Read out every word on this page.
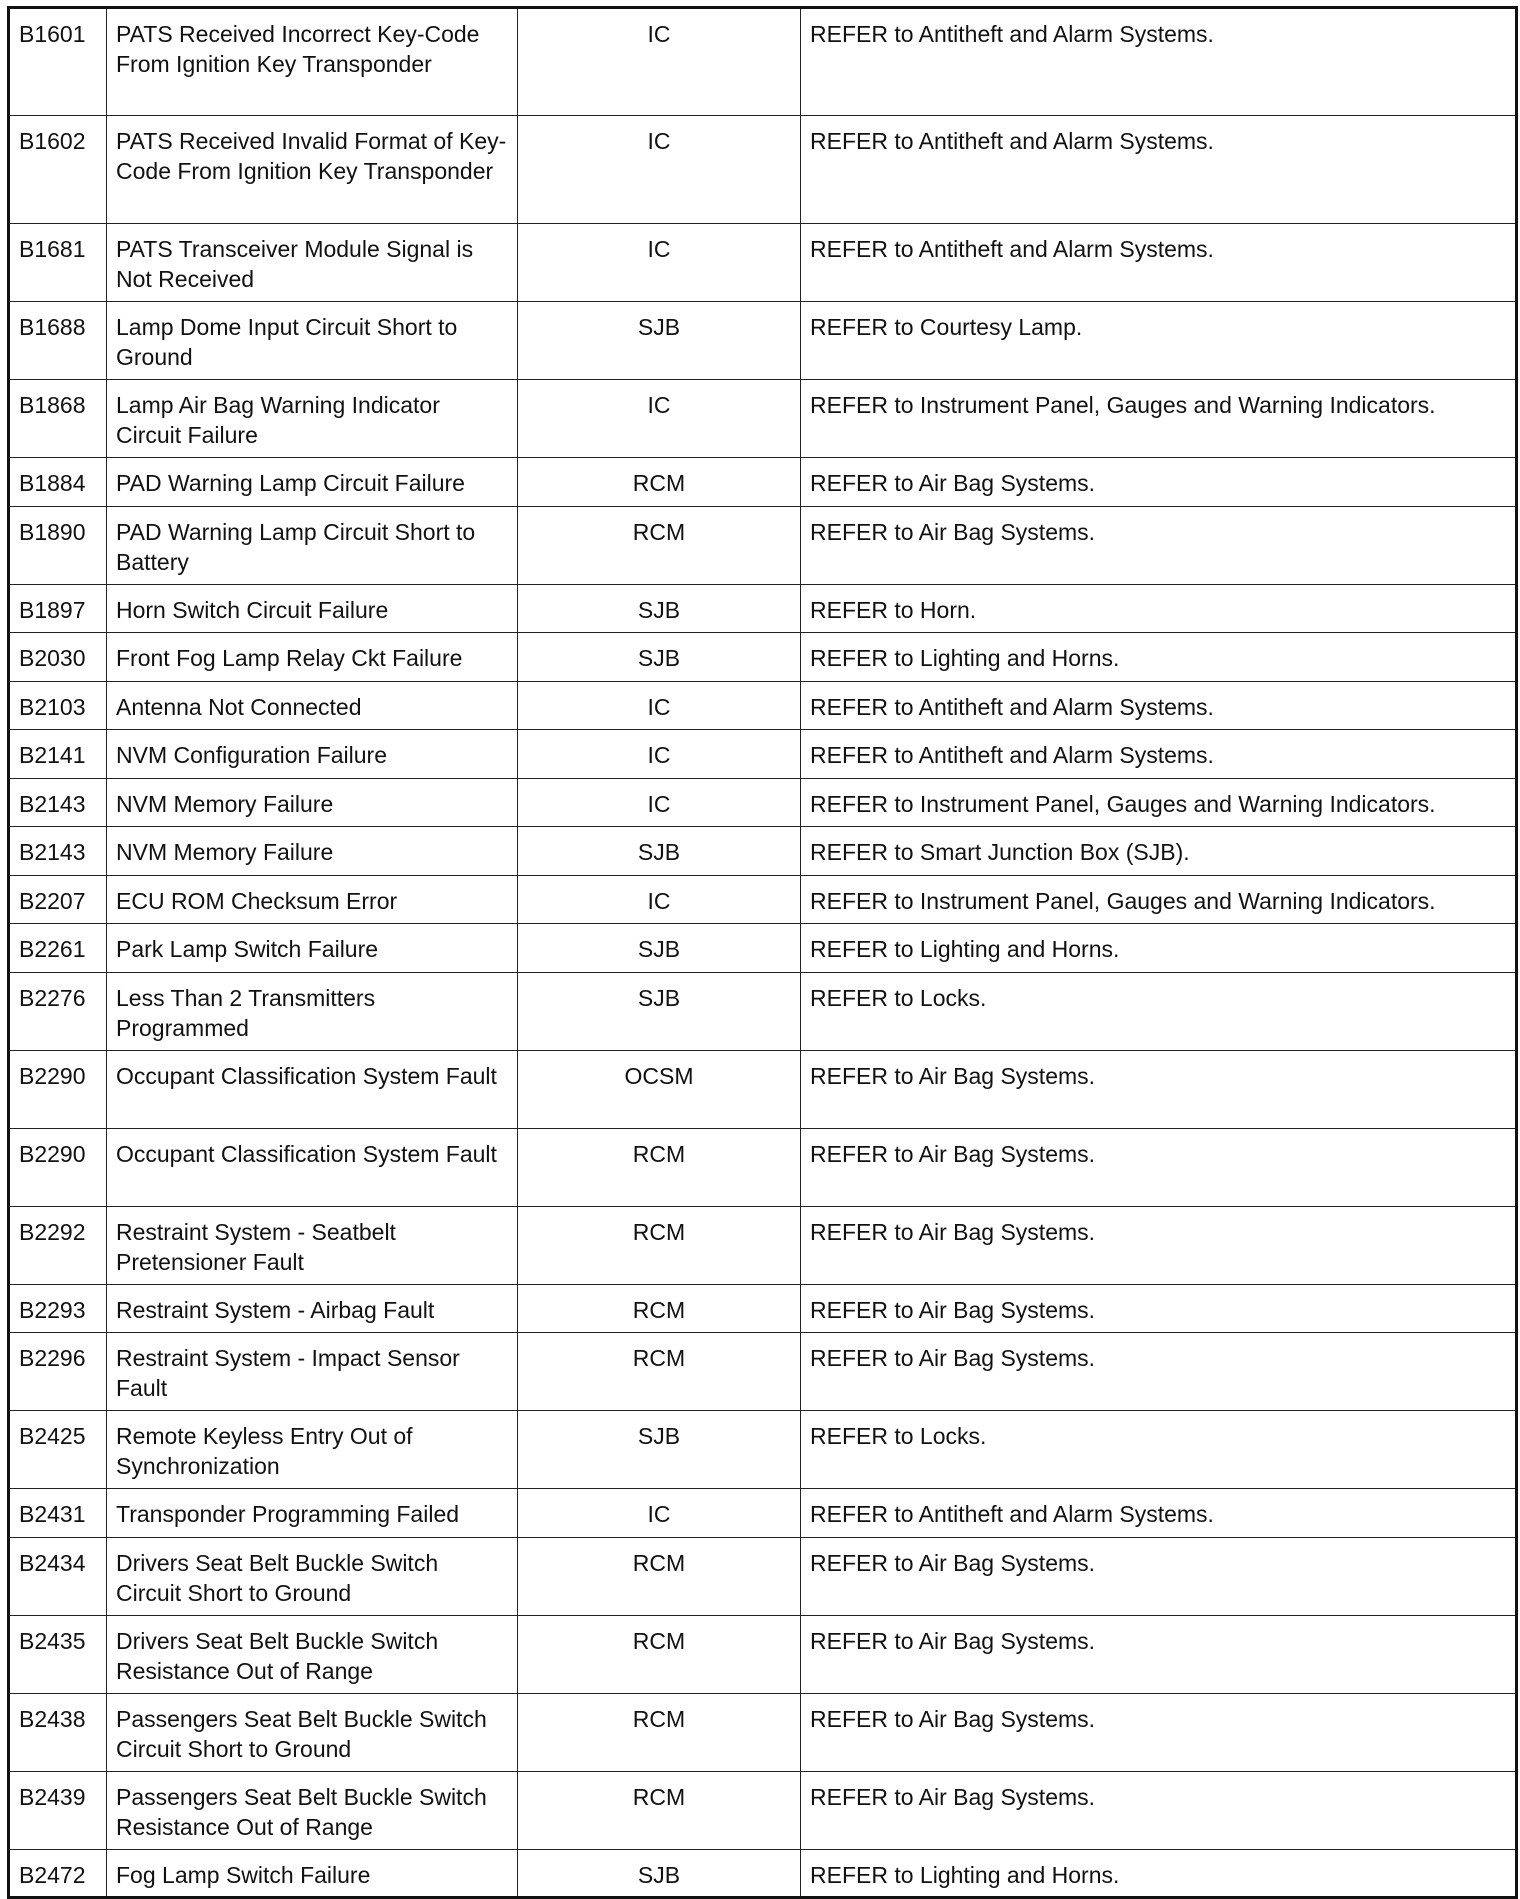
B1601	PATS Received Incorrect Key-Code From Ignition Key Transponder	IC	REFER to Antitheft and Alarm Systems.
B1602	PATS Received Invalid Format of Key-Code From Ignition Key Transponder	IC	REFER to Antitheft and Alarm Systems.
B1681	PATS Transceiver Module Signal is Not Received	IC	REFER to Antitheft and Alarm Systems.
B1688	Lamp Dome Input Circuit Short to Ground	SJB	REFER to Courtesy Lamp.
B1868	Lamp Air Bag Warning Indicator Circuit Failure	IC	REFER to Instrument Panel, Gauges and Warning Indicators.
B1884	PAD Warning Lamp Circuit Failure	RCM	REFER to Air Bag Systems.
B1890	PAD Warning Lamp Circuit Short to Battery	RCM	REFER to Air Bag Systems.
B1897	Horn Switch Circuit Failure	SJB	REFER to Horn.
B2030	Front Fog Lamp Relay Ckt Failure	SJB	REFER to Lighting and Horns.
B2103	Antenna Not Connected	IC	REFER to Antitheft and Alarm Systems.
B2141	NVM Configuration Failure	IC	REFER to Antitheft and Alarm Systems.
B2143	NVM Memory Failure	IC	REFER to Instrument Panel, Gauges and Warning Indicators.
B2143	NVM Memory Failure	SJB	REFER to Smart Junction Box (SJB).
B2207	ECU ROM Checksum Error	IC	REFER to Instrument Panel, Gauges and Warning Indicators.
B2261	Park Lamp Switch Failure	SJB	REFER to Lighting and Horns.
B2276	Less Than 2 Transmitters Programmed	SJB	REFER to Locks.
B2290	Occupant Classification System Fault	OCSM	REFER to Air Bag Systems.
B2290	Occupant Classification System Fault	RCM	REFER to Air Bag Systems.
B2292	Restraint System - Seatbelt Pretensioner Fault	RCM	REFER to Air Bag Systems.
B2293	Restraint System - Airbag Fault	RCM	REFER to Air Bag Systems.
B2296	Restraint System - Impact Sensor Fault	RCM	REFER to Air Bag Systems.
B2425	Remote Keyless Entry Out of Synchronization	SJB	REFER to Locks.
B2431	Transponder Programming Failed	IC	REFER to Antitheft and Alarm Systems.
B2434	Drivers Seat Belt Buckle Switch Circuit Short to Ground	RCM	REFER to Air Bag Systems.
B2435	Drivers Seat Belt Buckle Switch Resistance Out of Range	RCM	REFER to Air Bag Systems.
B2438	Passengers Seat Belt Buckle Switch Circuit Short to Ground	RCM	REFER to Air Bag Systems.
B2439	Passengers Seat Belt Buckle Switch Resistance Out of Range	RCM	REFER to Air Bag Systems.
B2472	Fog Lamp Switch Failure	SJB	REFER to Lighting and Horns.
